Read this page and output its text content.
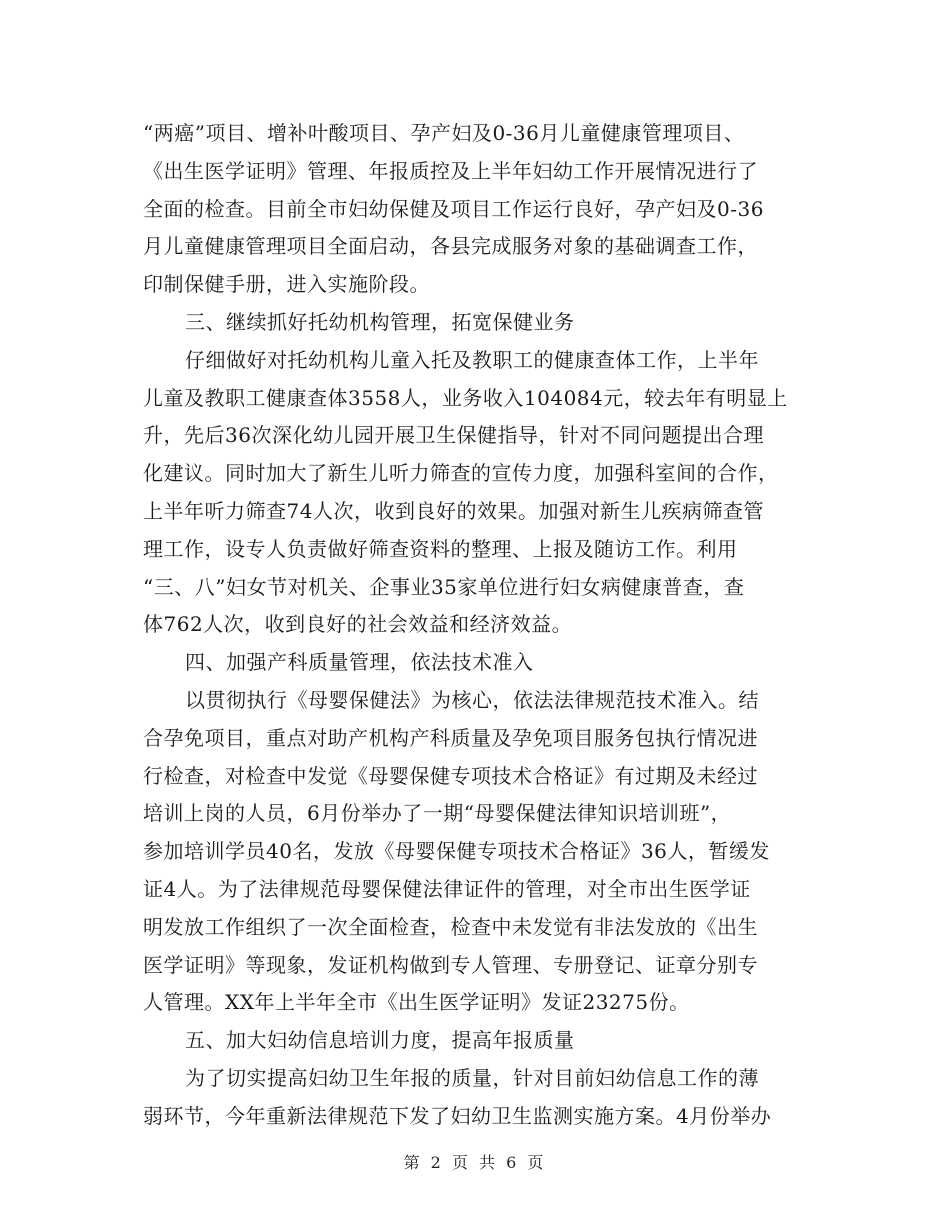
“两癌”项目、增补叶酸项目、孕产妇及0-36月儿童健康管理项目、
《出生医学证明》管理、年报质控及上半年妇幼工作开展情况进行了
全面的检查。目前全市妇幼保健及项目工作运行良好，孕产妇及0-36
月儿童健康管理项目全面启动，各县完成服务对象的基础调查工作，
印制保健手册，进入实施阶段。
三、继续抓好托幼机构管理，拓宽保健业务
仔细做好对托幼机构儿童入托及教职工的健康查体工作，上半年
儿童及教职工健康查体3558人，业务收入104084元，较去年有明显上
升，先后36次深化幼儿园开展卫生保健指导，针对不同问题提出合理
化建议。同时加大了新生儿听力筛查的宣传力度，加强科室间的合作，
上半年听力筛查74人次，收到良好的效果。加强对新生儿疾病筛查管
理工作，设专人负责做好筛查资料的整理、上报及随访工作。利用
“三、八”妇女节对机关、企事业35家单位进行妇女病健康普查，查
体762人次，收到良好的社会效益和经济效益。
四、加强产科质量管理，依法技术准入
以贯彻执行《母婴保健法》为核心，依法法律规范技术准入。结
合孕免项目，重点对助产机构产科质量及孕免项目服务包执行情况进
行检查，对检查中发觉《母婴保健专项技术合格证》有过期及未经过
培训上岗的人员，6月份举办了一期“母婴保健法律知识培训班”，
参加培训学员40名，发放《母婴保健专项技术合格证》36人，暂缓发
证4人。为了法律规范母婴保健法律证件的管理，对全市出生医学证
明发放工作组织了一次全面检查，检查中未发觉有非法发放的《出生
医学证明》等现象，发证机构做到专人管理、专册登记、证章分别专
人管理。XX年上半年全市《出生医学证明》发证23275份。
五、加大妇幼信息培训力度，提高年报质量
为了切实提高妇幼卫生年报的质量，针对目前妇幼信息工作的薄
弱环节，今年重新法律规范下发了妇幼卫生监测实施方案。4月份举办
第 2 页 共 6 页
